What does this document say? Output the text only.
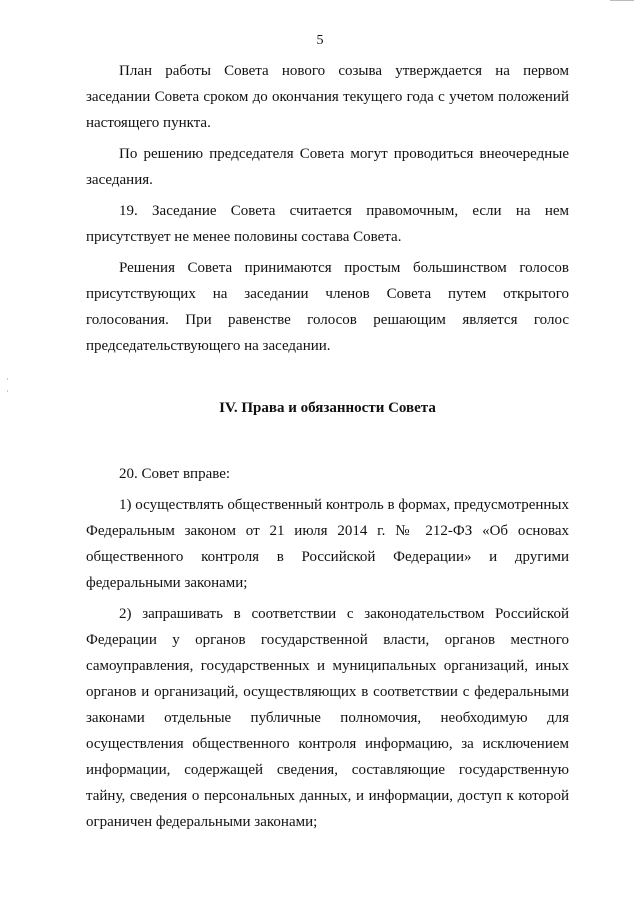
5

План работы Совета нового созыва утверждается на первом заседании Совета сроком до окончания текущего года с учетом положений настоящего пункта.

По решению председателя Совета могут проводиться внеочередные заседания.

19. Заседание Совета считается правомочным, если на нем присутствует не менее половины состава Совета.

Решения Совета принимаются простым большинством голосов присутствующих на заседании членов Совета путем открытого голосования. При равенстве голосов решающим является голос председательствующего на заседании.

IV. Права и обязанности Совета

20. Совет вправе:

1) осуществлять общественный контроль в формах, предусмотренных Федеральным законом от 21 июля 2014 г. № 212-ФЗ «Об основах общественного контроля в Российской Федерации» и другими федеральными законами;

2) запрашивать в соответствии с законодательством Российской Федерации у органов государственной власти, органов местного самоуправления, государственных и муниципальных организаций, иных органов и организаций, осуществляющих в соответствии с федеральными законами отдельные публичные полномочия, необходимую для осуществления общественного контроля информацию, за исключением информации, содержащей сведения, составляющие государственную тайну, сведения о персональных данных, и информации, доступ к которой ограничен федеральными законами;
